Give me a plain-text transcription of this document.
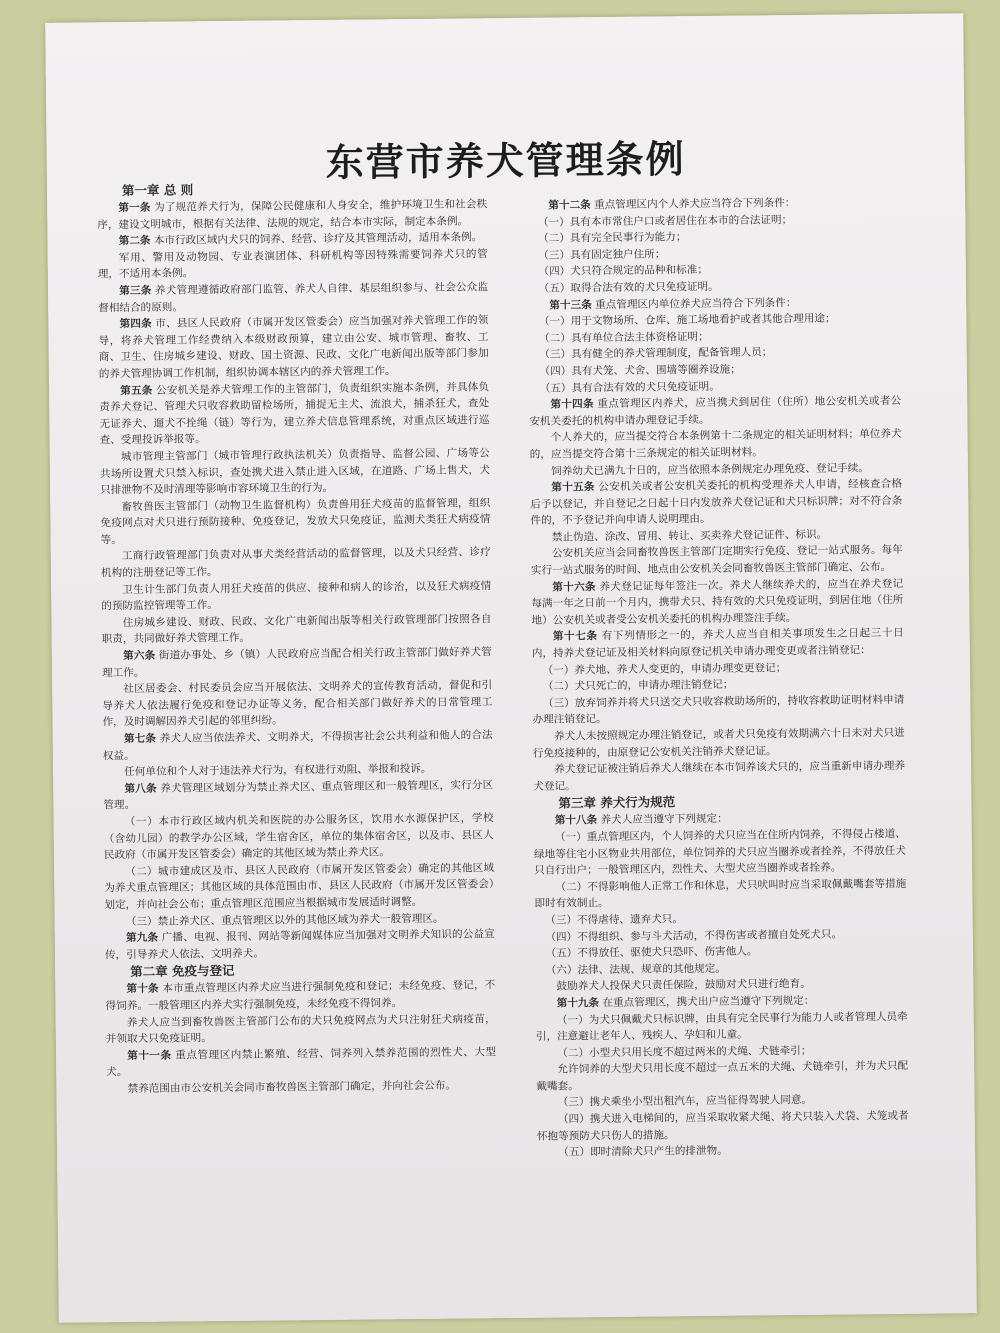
东营市养犬管理条例
第一章 总 则

第一条 为了规范养犬行为，保障公民健康和人身安全，维护环境卫生和社会秩序，建设文明城市，根据有关法律、法规的规定，结合本市实际，制定本条例。

第二条 本市行政区域内犬只的饲养、经营、诊疗及其管理活动，适用本条例。

军用、警用及动物园、专业表演团体、科研机构等因特殊需要饲养犬只的管理，不适用本条例。

第三条 养犬管理遵循政府部门监管、养犬人自律、基层组织参与、社会公众监督相结合的原则。

第四条 市、县区人民政府（市属开发区管委会）应当加强对养犬管理工作的领导，将养犬管理工作经费纳入本级财政预算，建立由公安、城市管理、畜牧、工商、卫生、住房城乡建设、财政、国土资源、民政、文化广电新闻出版等部门参加的养犬管理协调工作机制，组织协调本辖区内的养犬管理工作。

第五条 公安机关是养犬管理工作的主管部门，负责组织实施本条例，并具体负责养犬登记、管理犬只收容救助留检场所，捕捉无主犬、流浪犬，捕杀狂犬，查处无证养犬、遛犬不拴绳（链）等行为，建立养犬信息管理系统，对重点区域进行巡查、受理投诉举报等。

城市管理主管部门（城市管理行政执法机关）负责指导、监督公园、广场等公共场所设置犬只禁入标识，查处携犬进入禁止进入区域，在道路、广场上售犬，犬只排泄物不及时清理等影响市容环境卫生的行为。

畜牧兽医主管部门（动物卫生监督机构）负责兽用狂犬疫苗的监督管理，组织免疫网点对犬只进行预防接种、免疫登记，发放犬只免疫证，监测犬类狂犬病疫情等。

工商行政管理部门负责对从事犬类经营活动的监督管理，以及犬只经营、诊疗机构的注册登记等工作。

卫生计生部门负责人用狂犬疫苗的供应、接种和病人的诊治，以及狂犬病疫情的预防监控管理等工作。

住房城乡建设、财政、民政、文化广电新闻出版等相关行政管理部门按照各自职责，共同做好养犬管理工作。

第六条 街道办事处、乡（镇）人民政府应当配合相关行政主管部门做好养犬管理工作。

社区居委会、村民委员会应当开展依法、文明养犬的宣传教育活动，督促和引导养犬人依法履行免疫和登记办证等义务，配合相关部门做好养犬的日常管理工作，及时调解因养犬引起的邻里纠纷。

第七条 养犬人应当依法养犬、文明养犬，不得损害社会公共利益和他人的合法权益。

任何单位和个人对于违法养犬行为，有权进行劝阻、举报和投诉。

第八条 养犬管理区域划分为禁止养犬区、重点管理区和一般管理区，实行分区管理。

（一）本市行政区域内机关和医院的办公服务区，饮用水水源保护区，学校（含幼儿园）的教学办公区域，学生宿舍区，单位的集体宿舍区，以及市、县区人民政府（市属开发区管委会）确定的其他区域为禁止养犬区。

（二）城市建成区及市、县区人民政府（市属开发区管委会）确定的其他区域为养犬重点管理区；其他区域的具体范围由市、县区人民政府（市属开发区管委会）划定，并向社会公布；重点管理区范围应当根据城市发展适时调整。

（三）禁止养犬区、重点管理区以外的其他区域为养犬一般管理区。

第九条 广播、电视、报刊、网站等新闻媒体应当加强对文明养犬知识的公益宣传，引导养犬人依法、文明养犬。

第二章 免疫与登记

第十条 本市重点管理区内养犬应当进行强制免疫和登记；未经免疫、登记，不得饲养。一般管理区内养犬实行强制免疫，未经免疫不得饲养。

养犬人应当到畜牧兽医主管部门公布的犬只免疫网点为犬只注射狂犬病疫苗，并领取犬只免疫证明。

第十一条 重点管理区内禁止繁殖、经营、饲养列入禁养范围的烈性犬、大型犬。

禁养范围由市公安机关会同市畜牧兽医主管部门确定，并向社会公布。

第十二条 重点管理区内个人养犬应当符合下列条件：

（一）具有本市常住户口或者居住在本市的合法证明；

（二）具有完全民事行为能力；

（三）具有固定独户住所；

（四）犬只符合规定的品种和标准；

（五）取得合法有效的犬只免疫证明。

第十三条 重点管理区内单位养犬应当符合下列条件：

（一）用于文物场所、仓库、施工场地看护或者其他合理用途；

（二）具有单位合法主体资格证明；

（三）具有健全的养犬管理制度，配备管理人员；

（四）具有犬笼、犬舍、围墙等圈养设施；

（五）具有合法有效的犬只免疫证明。

第十四条 重点管理区内养犬，应当携犬到居住（住所）地公安机关或者公安机关委托的机构申请办理登记手续。

个人养犬的，应当提交符合本条例第十二条规定的相关证明材料；单位养犬的，应当提交符合第十三条规定的相关证明材料。

饲养幼犬已满九十日的，应当依照本条例规定办理免疫、登记手续。

第十五条 公安机关或者公安机关委托的机构受理养犬人申请，经核查合格后予以登记，并自登记之日起十日内发放养犬登记证和犬只标识牌；对不符合条件的，不予登记并向申请人说明理由。

禁止伪造、涂改、冒用、转让、买卖养犬登记证件、标识。

公安机关应当会同畜牧兽医主管部门定期实行免疫、登记一站式服务。每年实行一站式服务的时间、地点由公安机关会同畜牧兽医主管部门确定、公布。

第十六条 养犬登记证每年签注一次。养犬人继续养犬的，应当在养犬登记每满一年之日前一个月内，携带犬只、持有效的犬只免疫证明，到居住地（住所地）公安机关或者受公安机关委托的机构办理签注手续。

第十七条 有下列情形之一的，养犬人应当自相关事项发生之日起三十日内，持养犬登记证及相关材料向原登记机关申请办理变更或者注销登记：

（一）养犬地、养犬人变更的，申请办理变更登记；

（二）犬只死亡的，申请办理注销登记；

（三）放弃饲养并将犬只送交犬只收容救助场所的，持收容救助证明材料申请办理注销登记。

养犬人未按照规定办理注销登记，或者犬只免疫有效期满六十日未对犬只进行免疫接种的，由原登记公安机关注销养犬登记证。

养犬登记证被注销后养犬人继续在本市饲养该犬只的，应当重新申请办理养犬登记。

第三章 养犬行为规范

第十八条 养犬人应当遵守下列规定：

（一）重点管理区内，个人饲养的犬只应当在住所内饲养，不得侵占楼道、绿地等住宅小区物业共用部位，单位饲养的犬只应当圈养或者拴养，不得放任犬只自行出户；一般管理区内，烈性犬、大型犬应当圈养或者拴养。

（二）不得影响他人正常工作和休息，犬只吠叫时应当采取佩戴嘴套等措施即时有效制止。

（三）不得虐待、遗弃犬只。

（四）不得组织、参与斗犬活动，不得伤害或者擅自处死犬只。

（五）不得放任、驱使犬只恐吓、伤害他人。

（六）法律、法规、规章的其他规定。

鼓励养犬人投保犬只责任保险，鼓励对犬只进行绝育。

第十九条 在重点管理区，携犬出户应当遵守下列规定：

（一）为犬只佩戴犬只标识牌，由具有完全民事行为能力人或者管理人员牵引，注意避让老年人、残疾人、孕妇和儿童。

（二）小型犬只用长度不超过两米的犬绳、犬链牵引；

允许饲养的大型犬只用长度不超过一点五米的犬绳、犬链牵引，并为犬只配戴嘴套。

（三）携犬乘坐小型出租汽车，应当征得驾驶人同意。

（四）携犬进入电梯间的，应当采取收紧犬绳、将犬只装入犬袋、犬笼或者怀抱等预防犬只伤人的措施。

（五）即时清除犬只产生的排泄物。
